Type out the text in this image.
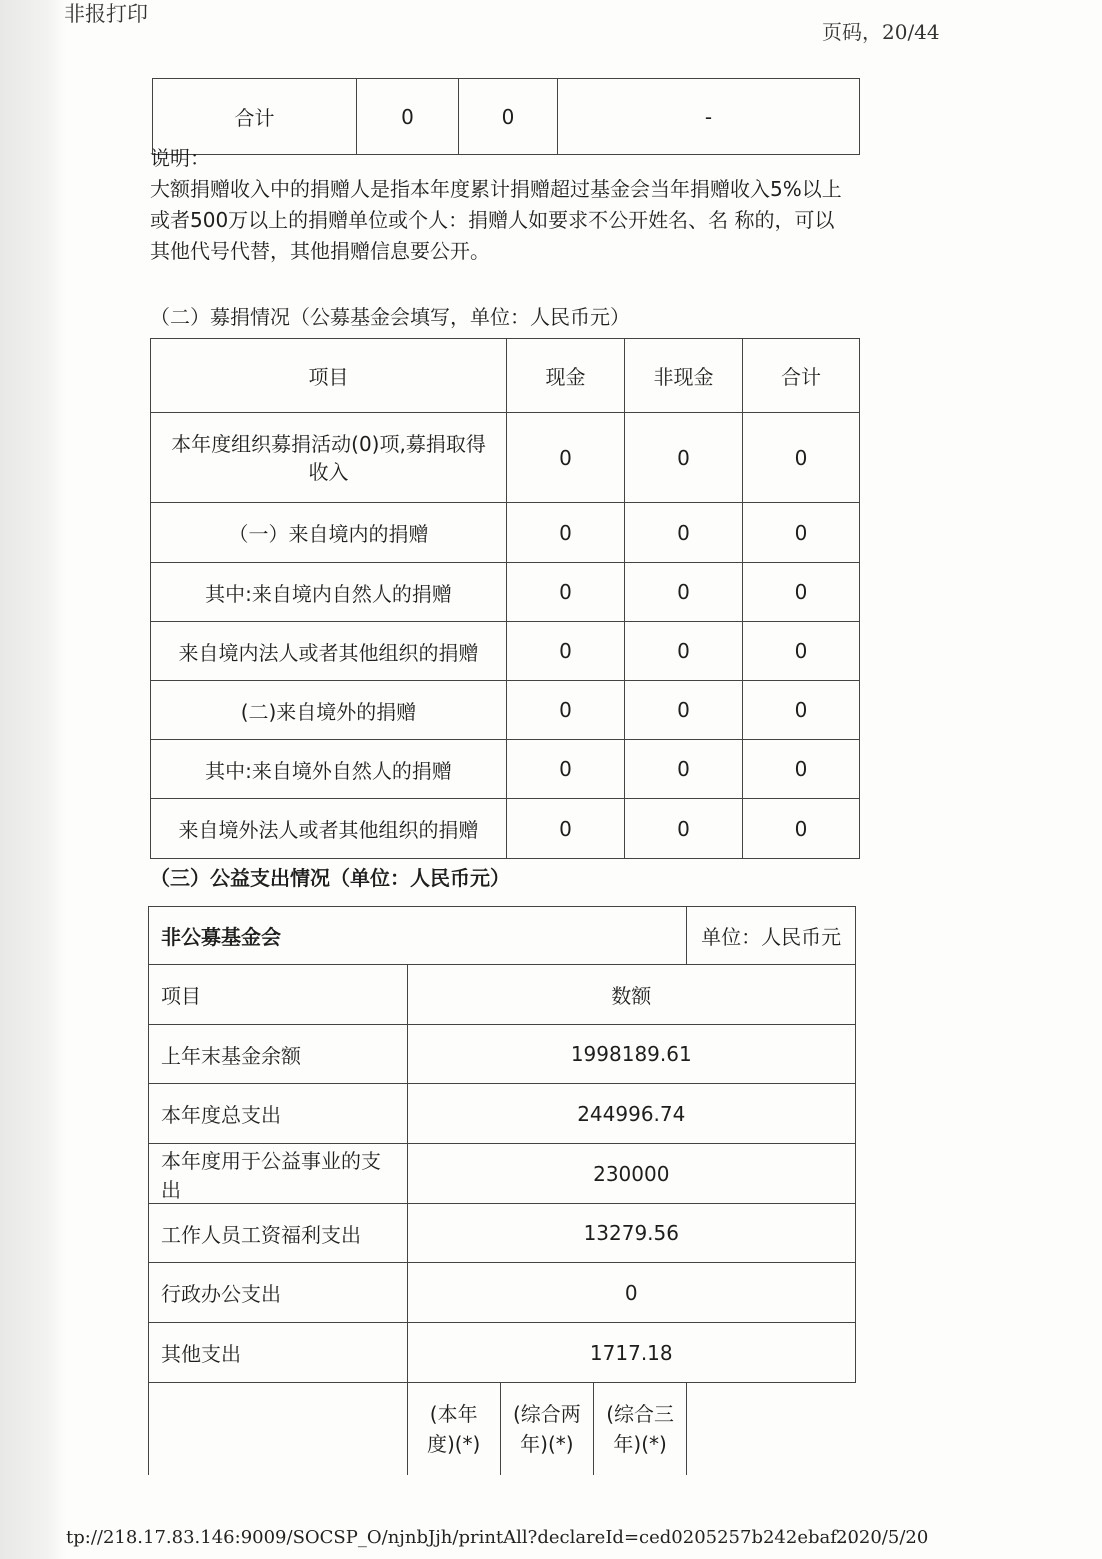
非报打印
页码，20/44
合计	0	0	-
说明：
大额捐赠收入中的捐赠人是指本年度累计捐赠超过基金会当年捐赠收入5%以上
或者500万以上的捐赠单位或个人：捐赠人如要求不公开姓名、名 称的，可以
其他代号代替，其他捐赠信息要公开。
（二）募捐情况（公募基金会填写，单位：人民币元）
项目	现金	非现金	合计
本年度组织募捐活动(0)项,募捐取得收入	0	0	0
（一）来自境内的捐赠	0	0	0
其中:来自境内自然人的捐赠	0	0	0
来自境内法人或者其他组织的捐赠	0	0	0
(二)来自境外的捐赠	0	0	0
其中:来自境外自然人的捐赠	0	0	0
来自境外法人或者其他组织的捐赠	0	0	0
（三）公益支出情况（单位：人民币元）
非公募基金会				单位：人民币元
项目	数额			
上年末基金余额	1998189.61			
本年度总支出	244996.74			
本年度用于公益事业的支出	230000			
工作人员工资福利支出	13279.56			
行政办公支出	0			
其他支出	1717.18			
	(本年度)(*)	(综合两年)(*)	(综合三年)(*)	
tp://218.17.83.146:9009/SOCSP_O/njnbJjh/printAll?declareId=ced0205257b242ebaf...
2020/5/20
